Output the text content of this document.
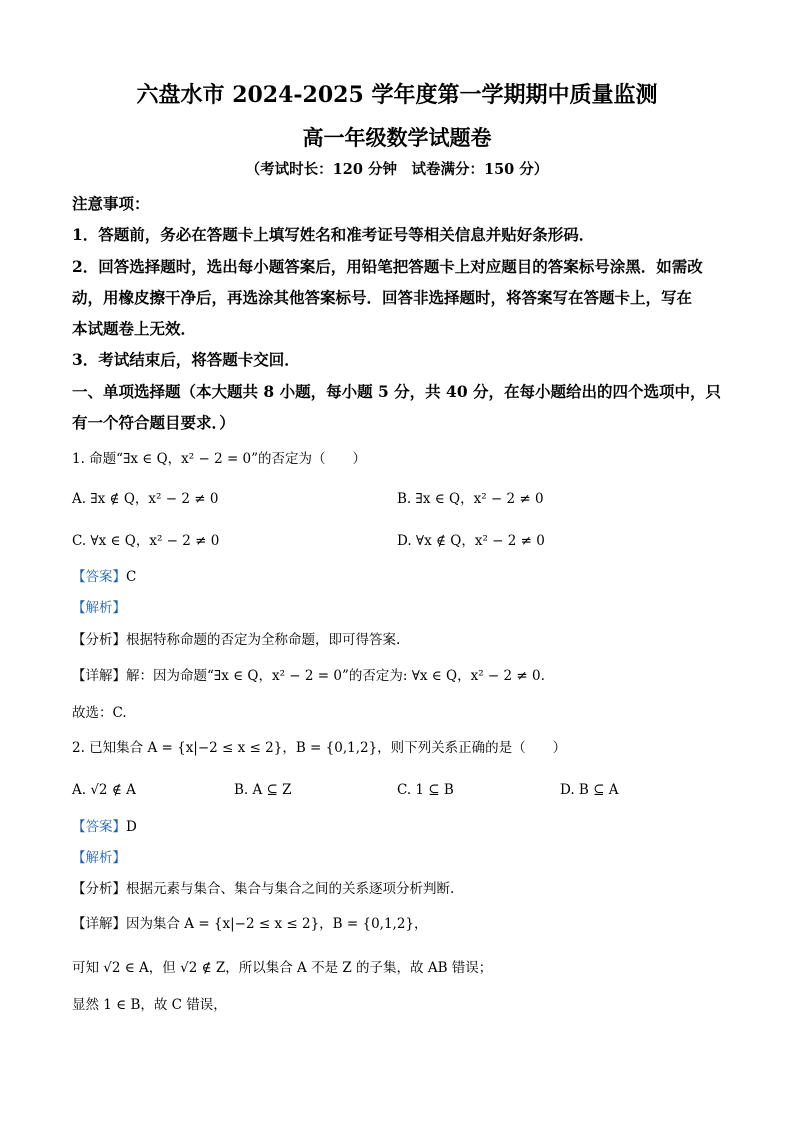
六盘水市 2024-2025 学年度第一学期期中质量监测
高一年级数学试题卷
（考试时长：120 分钟　试卷满分：150 分）
注意事项：
1．答题前，务必在答题卡上填写姓名和准考证号等相关信息并贴好条形码．
2．回答选择题时，选出每小题答案后，用铅笔把答题卡上对应题目的答案标号涂黑．如需改
动，用橡皮擦干净后，再选涂其他答案标号．回答非选择题时，将答案写在答题卡上，写在
本试题卷上无效．
3．考试结束后，将答题卡交回．
一、单项选择题（本大题共 8 小题，每小题 5 分，共 40 分，在每小题给出的四个选项中，只
有一个符合题目要求．）
1. 命题“∃x ∈ Q，x² − 2 = 0”的否定为（　　）
A. ∃x ∉ Q，x² − 2 ≠ 0	B. ∃x ∈ Q，x² − 2 ≠ 0
C. ∀x ∈ Q，x² − 2 ≠ 0	D. ∀x ∉ Q，x² − 2 ≠ 0
【答案】C
【解析】
【分析】根据特称命题的否定为全称命题，即可得答案.
【详解】解：因为命题“∃x ∈ Q，x² − 2 = 0”的否定为: ∀x ∈ Q，x² − 2 ≠ 0.
故选：C.
2. 已知集合 A = {x|−2 ≤ x ≤ 2}，B = {0,1,2}，则下列关系正确的是（　　）
A. √2 ∉ A	B. A ⊆ Z	C. 1 ⊆ B	D. B ⊆ A
【答案】D
【解析】
【分析】根据元素与集合、集合与集合之间的关系逐项分析判断.
【详解】因为集合 A = {x|−2 ≤ x ≤ 2}，B = {0,1,2}，
可知 √2 ∈ A，但 √2 ∉ Z，所以集合 A 不是 Z 的子集，故 AB 错误；
显然 1 ∈ B，故 C 错误，
